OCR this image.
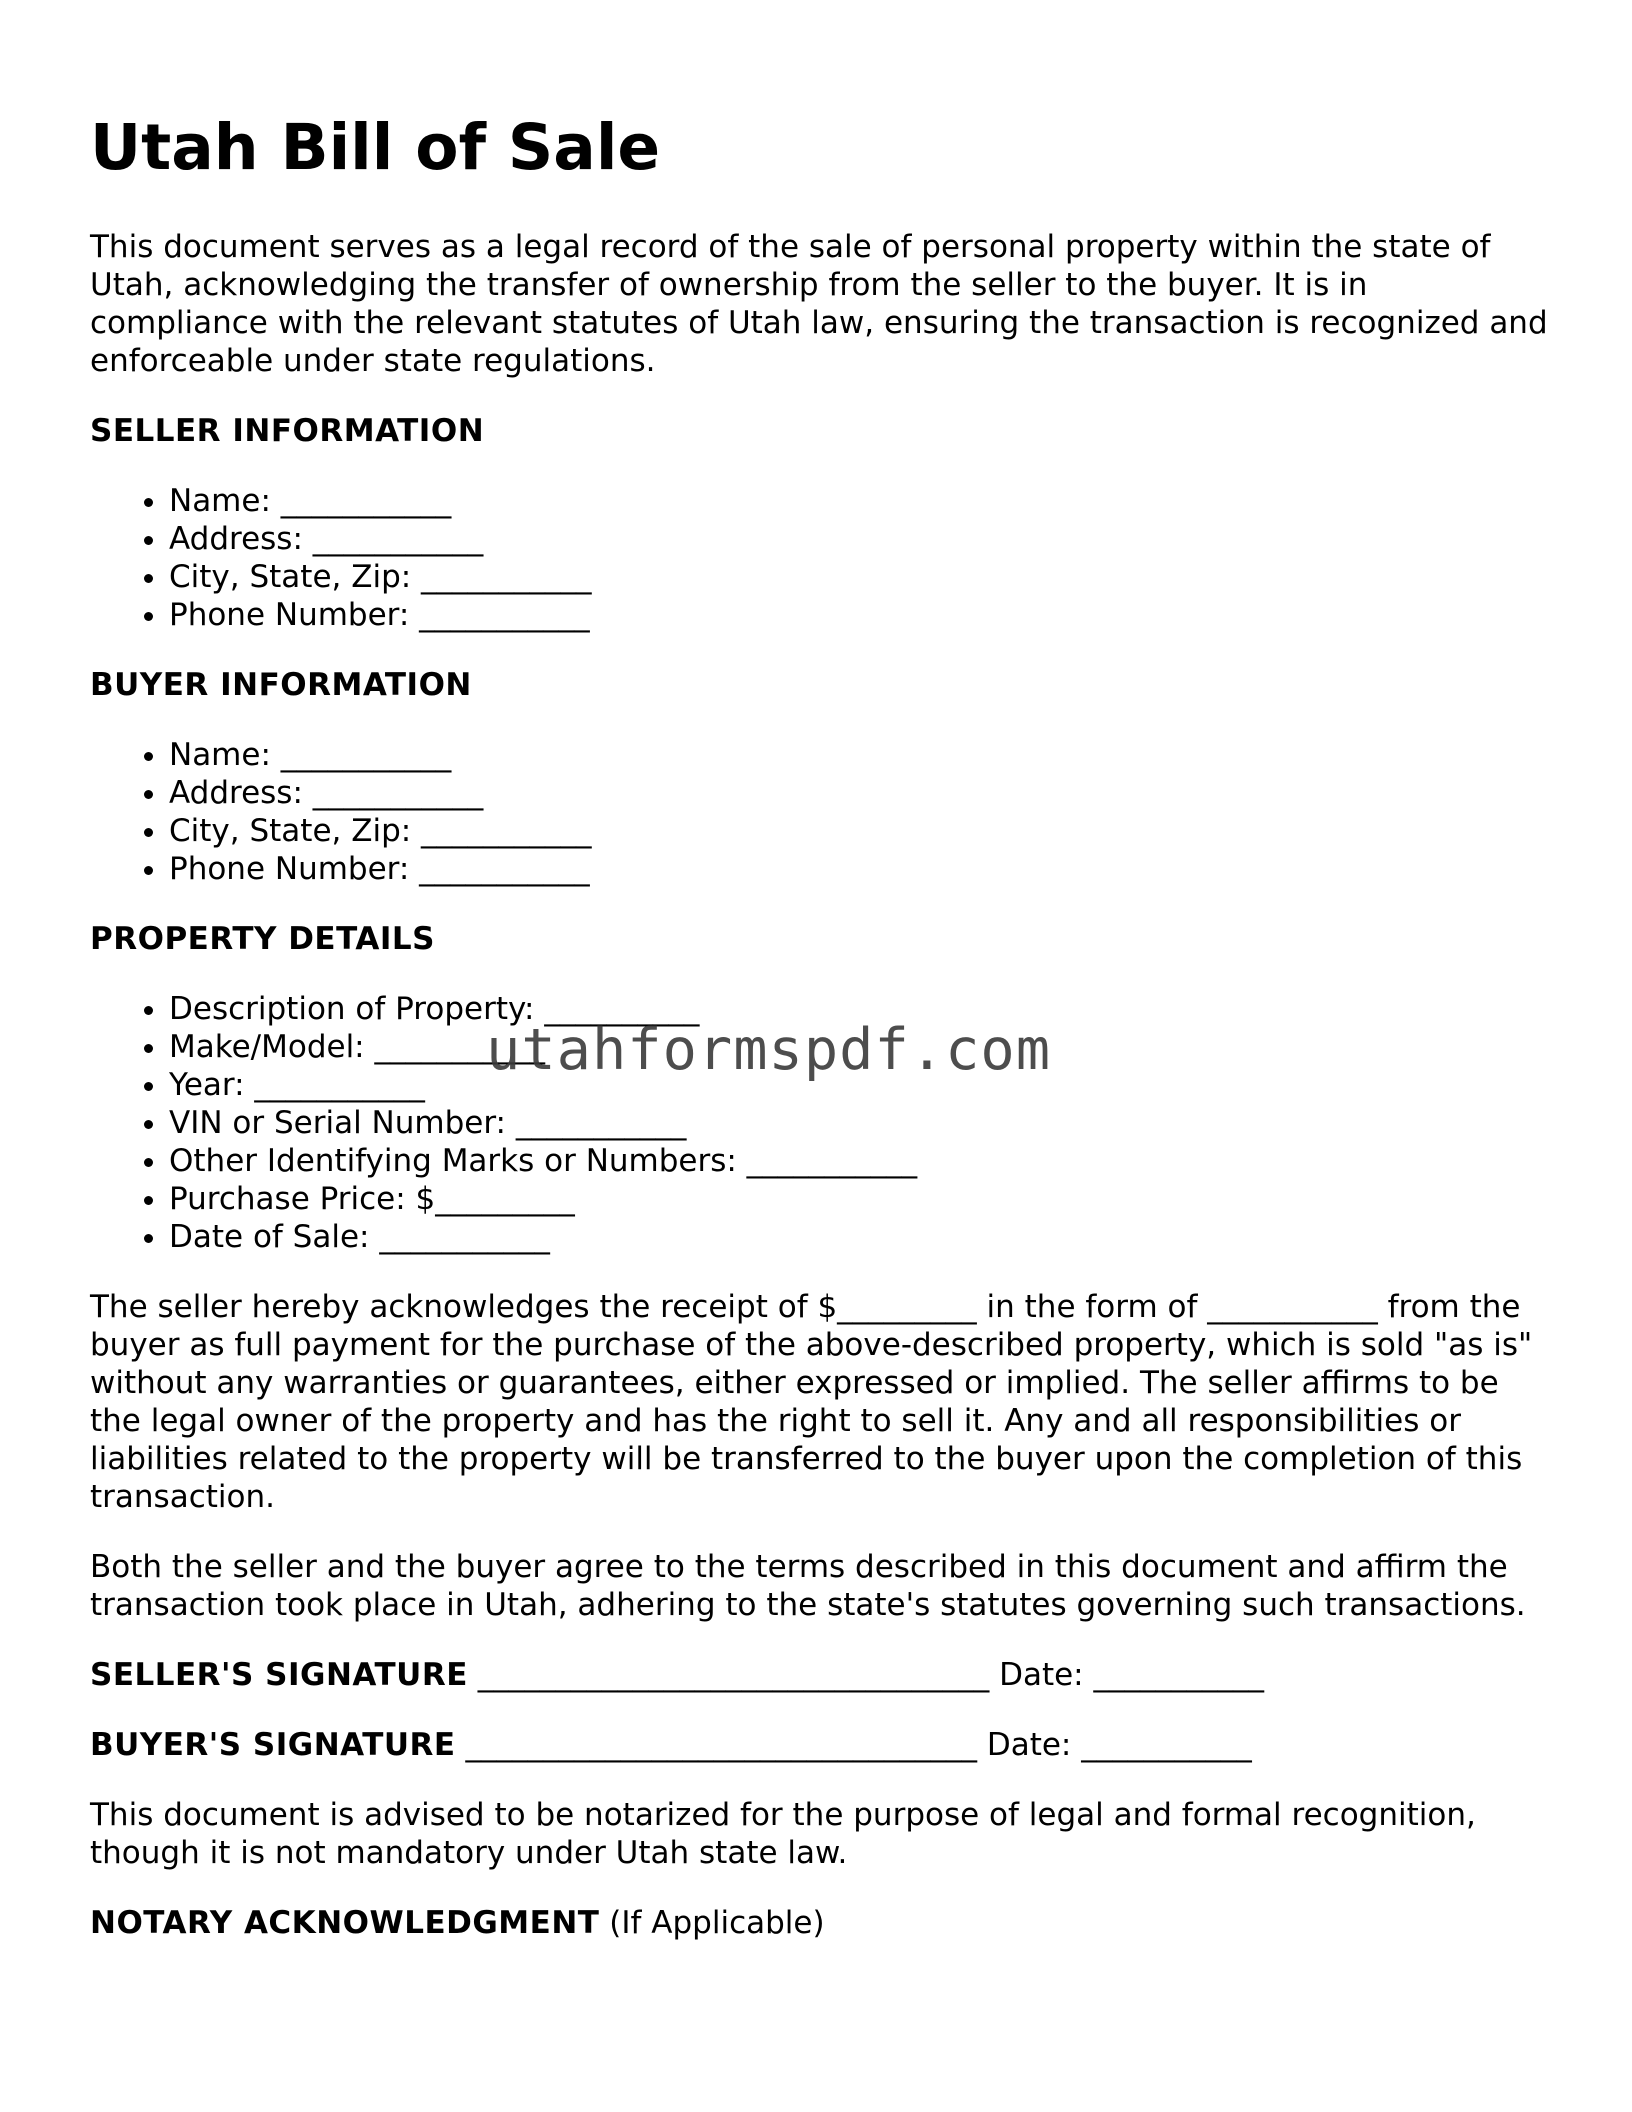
Utah Bill of Sale

This document serves as a legal record of the sale of personal property within the state of Utah, acknowledging the transfer of ownership from the seller to the buyer. It is in compliance with the relevant statutes of Utah law, ensuring the transaction is recognized and enforceable under state regulations.

SELLER INFORMATION
• Name: ___________
• Address: ___________
• City, State, Zip: ___________
• Phone Number: ___________
BUYER INFORMATION
• Name: ___________
• Address: ___________
• City, State, Zip: ___________
• Phone Number: ___________
PROPERTY DETAILS
• Description of Property: __________
• Make/Model: ___________
• Year: ___________
• VIN or Serial Number: ___________
• Other Identifying Marks or Numbers: ___________
• Purchase Price: $_________
• Date of Sale: ___________

The seller hereby acknowledges the receipt of $_________ in the form of ___________ from the buyer as full payment for the purchase of the above-described property, which is sold "as is" without any warranties or guarantees, either expressed or implied. The seller affirms to be the legal owner of the property and has the right to sell it. Any and all responsibilities or liabilities related to the property will be transferred to the buyer upon the completion of this transaction.

Both the seller and the buyer agree to the terms described in this document and affirm the transaction took place in Utah, adhering to the state's statutes governing such transactions.

SELLER'S SIGNATURE _________________________________ Date: ___________
BUYER'S SIGNATURE _________________________________ Date: ___________

This document is advised to be notarized for the purpose of legal and formal recognition, though it is not mandatory under Utah state law.

NOTARY ACKNOWLEDGMENT (If Applicable)
utahformspdf.com
